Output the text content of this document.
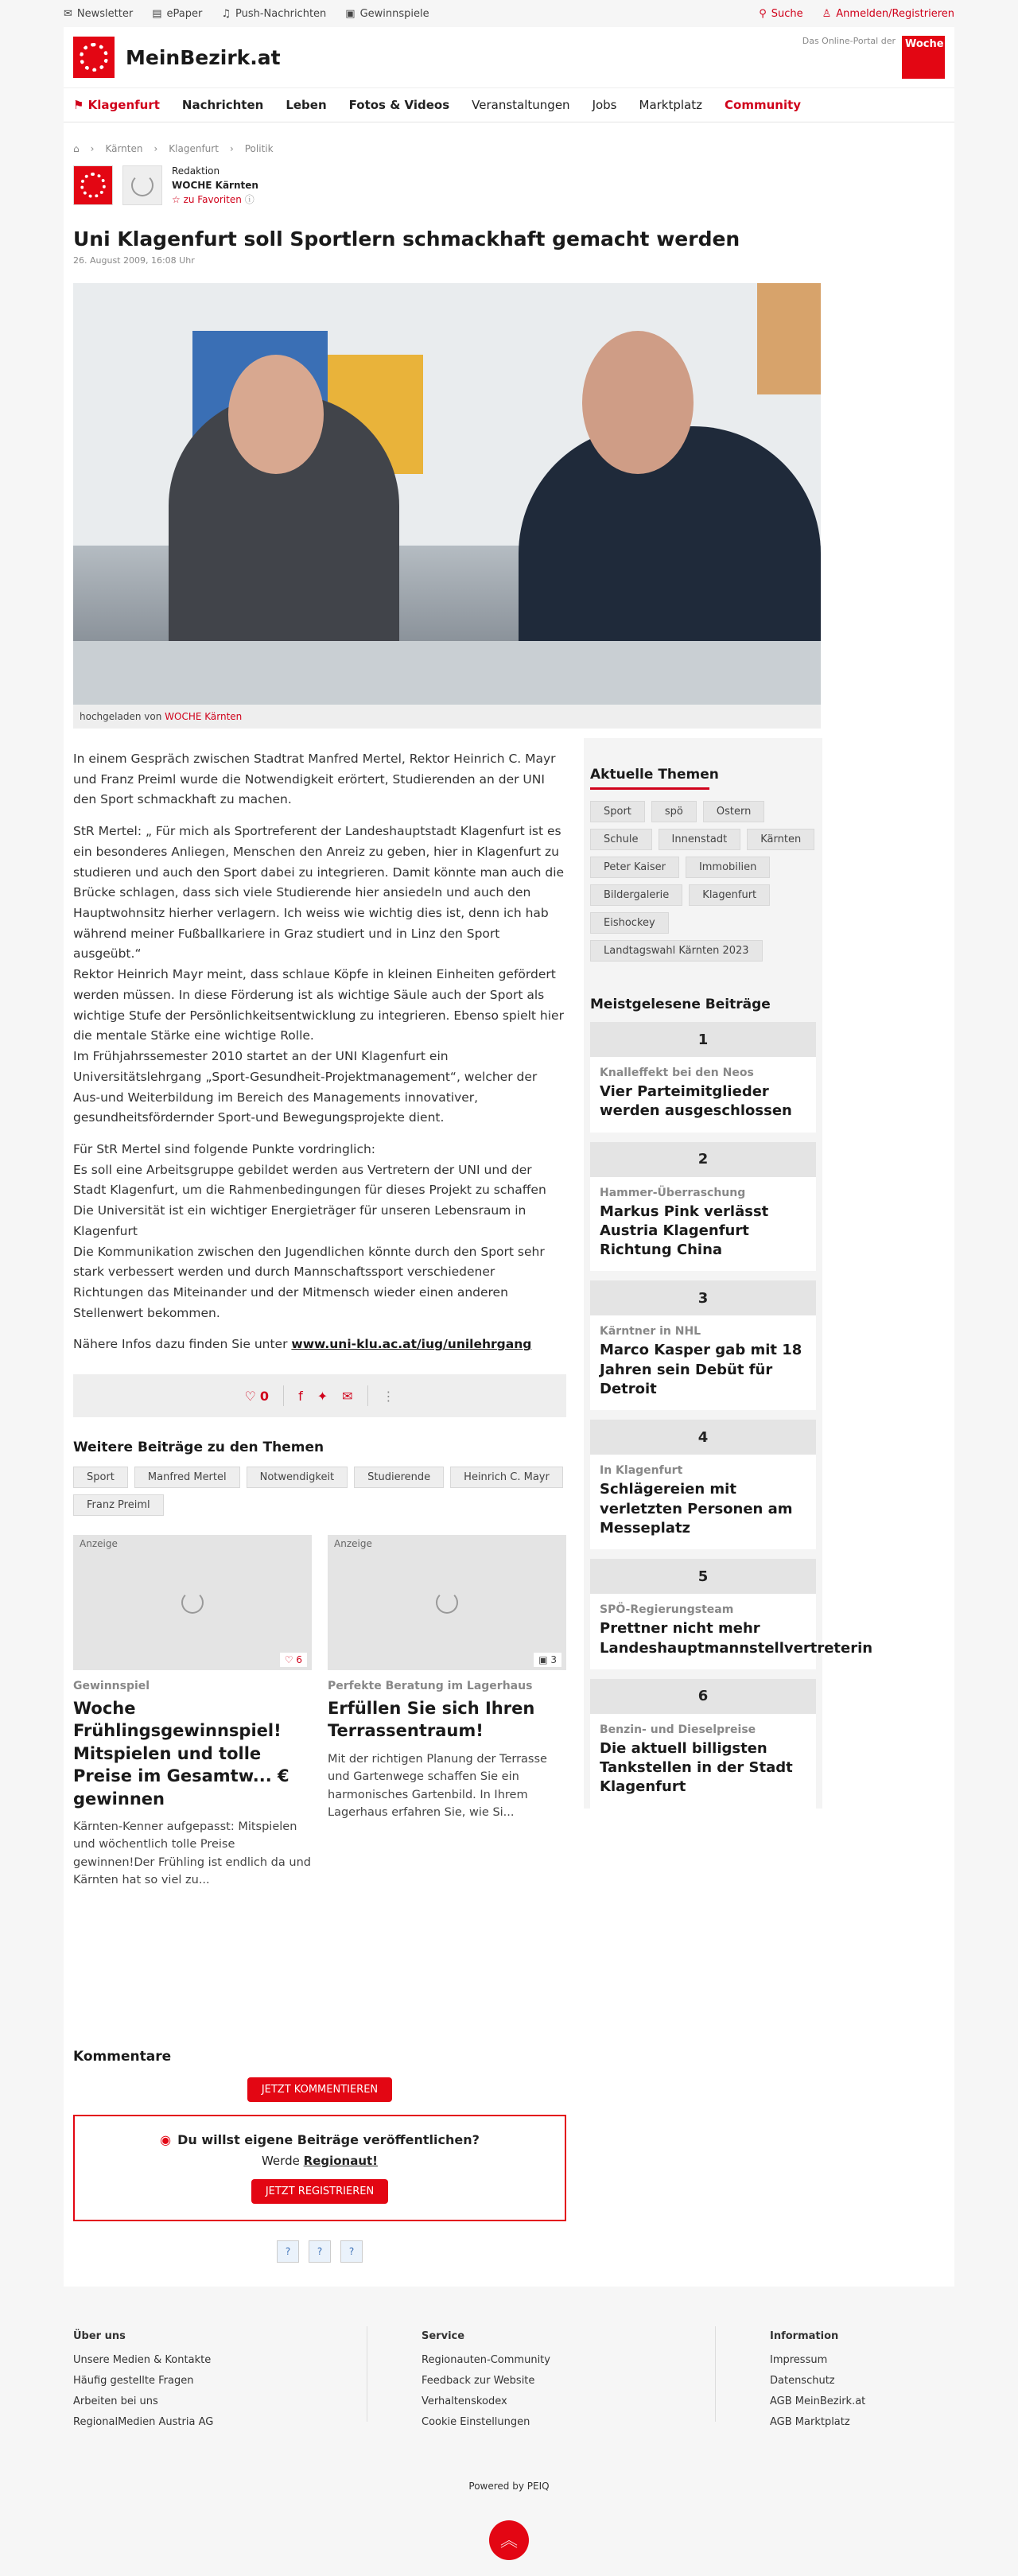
✉ Newsletter ▤ ePaper ♫ Push-Nachrichten ▣ Gewinnspiele	⚲ Suche ♙ Anmelden/Registrieren
MeinBezirk.at
Das Online-Portal der Woche
⚑ Klagenfurt Nachrichten Leben Fotos & Videos Veranstaltungen Jobs Marktplatz Community
⌂ › Kärnten › Klagenfurt › Politik
Redaktion
WOCHE Kärnten
☆ zu Favoriten ⓘ
Uni Klagenfurt soll Sportlern schmackhaft gemacht werden
26. August 2009, 16:08 Uhr
hochgeladen von WOCHE Kärnten

In einem Gespräch zwischen Stadtrat Manfred Mertel, Rektor Heinrich C. Mayr und Franz Preiml wurde die Notwendigkeit erörtert, Studierenden an der UNI den Sport schmackhaft zu machen.

StR Mertel: „ Für mich als Sportreferent der Landeshauptstadt Klagenfurt ist es ein besonderes Anliegen, Menschen den Anreiz zu geben, hier in Klagenfurt zu studieren und auch den Sport dabei zu integrieren. Damit könnte man auch die Brücke schlagen, dass sich viele Studierende hier ansiedeln und auch den Hauptwohnsitz hierher verlagern. Ich weiss wie wichtig dies ist, denn ich hab während meiner Fußballkariere in Graz studiert und in Linz den Sport ausgeübt.“

Rektor Heinrich Mayr meint, dass schlaue Köpfe in kleinen Einheiten gefördert werden müssen. In diese Förderung ist als wichtige Säule auch der Sport als wichtige Stufe der Persönlichkeitsentwicklung zu integrieren. Ebenso spielt hier die mentale Stärke eine wichtige Rolle.

Im Frühjahrssemester 2010 startet an der UNI Klagenfurt ein Universitätslehrgang „Sport-Gesundheit-Projektmanagement“, welcher der Aus-und Weiterbildung im Bereich des Managements innovativer, gesundheitsfördernder Sport-und Bewegungsprojekte dient.

Für StR Mertel sind folgende Punkte vordringlich:

Es soll eine Arbeitsgruppe gebildet werden aus Vertretern der UNI und der Stadt Klagenfurt, um die Rahmenbedingungen für dieses Projekt zu schaffen

Die Universität ist ein wichtiger Energieträger für unseren Lebensraum in Klagenfurt

Die Kommunikation zwischen den Jugendlichen könnte durch den Sport sehr stark verbessert werden und durch Mannschaftssport verschiedener Richtungen das Miteinander und der Mitmensch wieder einen anderen Stellenwert bekommen.

Nähere Infos dazu finden Sie unter www.uni-klu.ac.at/iug/unilehrgang

♡ 0 f ✦ ✉ ⋮
Weitere Beiträge zu den Themen
Sport	Manfred Mertel	Notwendigkeit	Studierende	Heinrich C. Mayr
Franz Preiml
Anzeige
♡ 6
Gewinnspiel
Woche Frühlingsgewinnspiel! Mitspielen und tolle Preise im Gesamtw... € gewinnen
Kärnten-Kenner aufgepasst: Mitspielen und wöchentlich tolle Preise gewinnen!Der Frühling ist endlich da und Kärnten hat so viel zu...
Anzeige
▣ 3
Perfekte Beratung im Lagerhaus
Erfüllen Sie sich Ihren Terrassentraum!
Mit der richtigen Planung der Terrasse und Gartenwege schaffen Sie ein harmonisches Gartenbild. In Ihrem Lagerhaus erfahren Sie, wie Si...
Kommentare
JETZT KOMMENTIEREN
◉ Du willst eigene Beiträge veröffentlichen?
Werde Regionaut!
JETZT REGISTRIEREN
?	?	?
Aktuelle Themen
Sport	spö	Ostern
Schule	Innenstadt	Kärnten
Peter Kaiser	Immobilien
Bildergalerie	Klagenfurt
Eishockey
Landtagswahl Kärnten 2023
Meistgelesene Beiträge
1
Knalleffekt bei den Neos
Vier Parteimitglieder werden ausgeschlossen
2
Hammer-Überraschung
Markus Pink verlässt Austria Klagenfurt Richtung China
3
Kärntner in NHL
Marco Kasper gab mit 18 Jahren sein Debüt für Detroit
4
In Klagenfurt
Schlägereien mit verletzten Personen am Messeplatz
5
SPÖ-Regierungsteam
Prettner nicht mehr Landeshauptmannstellvertreterin
6
Benzin- und Dieselpreise
Die aktuell billigsten Tankstellen in der Stadt Klagenfurt
Über uns
Unsere Medien & Kontakte
Häufig gestellte Fragen
Arbeiten bei uns
RegionalMedien Austria AG
Service
Regionauten-Community
Feedback zur Website
Verhaltenskodex
Cookie Einstellungen
Information
Impressum
Datenschutz
AGB MeinBezirk.at
AGB Marktplatz
Powered by PEIQ
︽
